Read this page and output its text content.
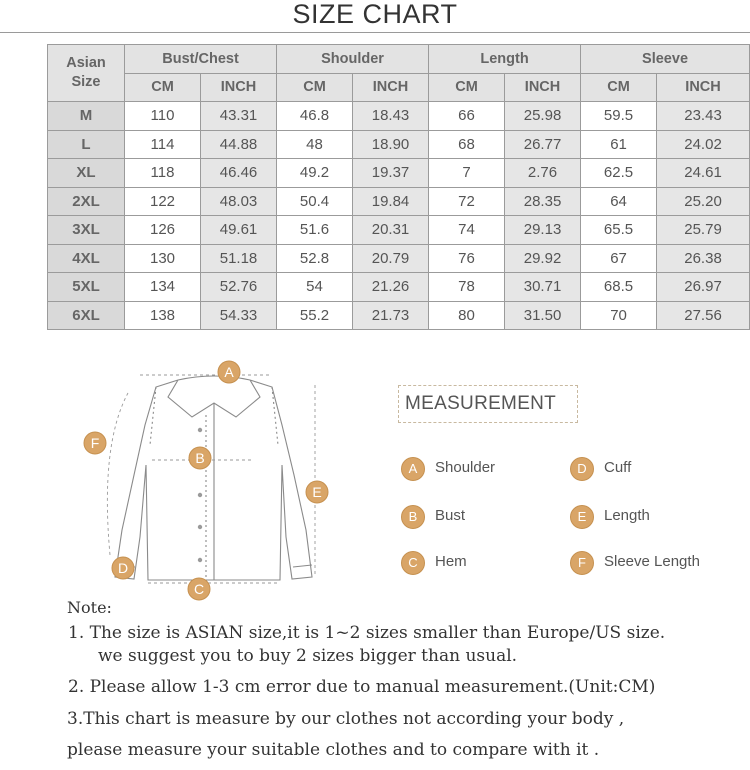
SIZE CHART
Asian
Size	Bust/Chest		Shoulder		Length		Sleeve	
	CM	INCH	CM	INCH	CM	INCH	CM	INCH
M	110	43.31	46.8	18.43	66	25.98	59.5	23.43
L	114	44.88	48	18.90	68	26.77	61	24.02
XL	118	46.46	49.2	19.37	7	2.76	62.5	24.61
2XL	122	48.03	50.4	19.84	72	28.35	64	25.20
3XL	126	49.61	51.6	20.31	74	29.13	65.5	25.79
4XL	130	51.18	52.8	20.79	76	29.92	67	26.38
5XL	134	52.76	54	21.26	78	30.71	68.5	26.97
6XL	138	54.33	55.2	21.73	80	31.50	70	27.56
A
B
C
D
E
F
MEASUREMENT
A	Shoulder	D	Cuff
B	Bust	E	Length
C	Hem	F	Sleeve Length
Note:
1. The size is ASIAN size,it is 1~2 sizes smaller than Europe/US size.
we suggest you to buy 2 sizes bigger than usual.
2. Please allow 1-3 cm error due to manual measurement.(Unit:CM)
3.This chart is measure by our clothes not according your body ,
please measure your suitable clothes and to compare with it .
